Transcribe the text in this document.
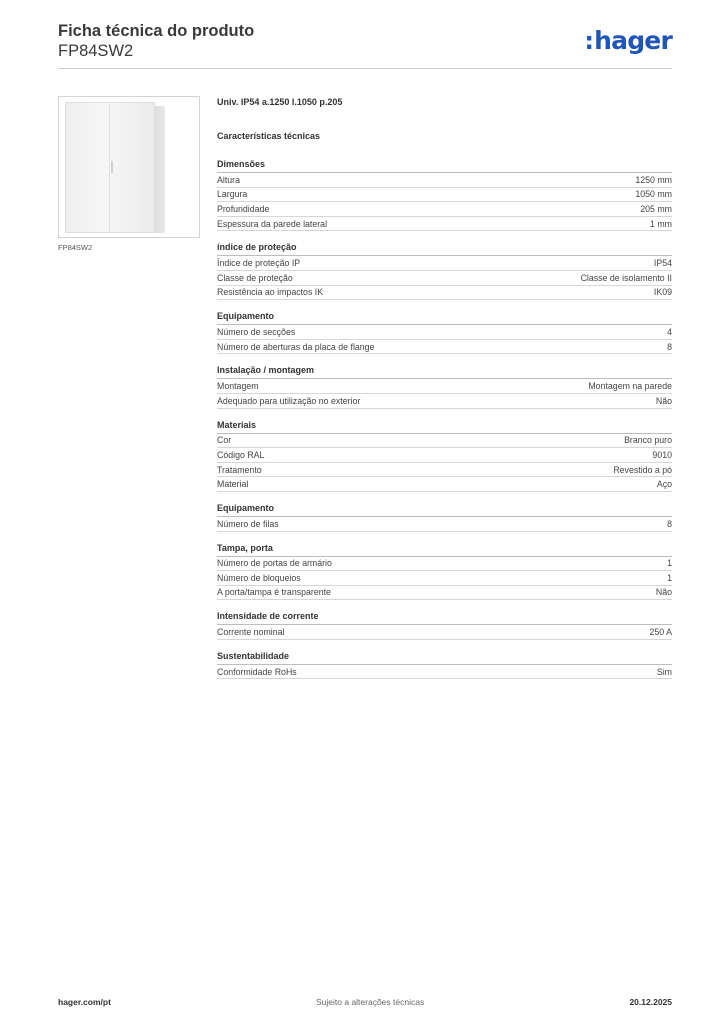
Ficha técnica do produto
FP84SW2	:hager
FP84SW2
Univ. IP54 a.1250 l.1050 p.205
Características técnicas
Dimensões
Altura	1250 mm
Largura	1050 mm
Profundidade	205 mm
Espessura da parede lateral	1 mm
índice de proteção
Índice de proteção IP	IP54
Classe de proteção	Classe de isolamento II
Resistência ao impactos IK	IK09
Equipamento
Número de secções	4
Número de aberturas da placa de flange	8
Instalação / montagem
Montagem	Montagem na parede
Adequado para utilização no exterior	Não
Materiais
Cor	Branco puro
Código RAL	9010
Tratamento	Revestido a pó
Material	Aço
Equipamento
Número de filas	8
Tampa, porta
Número de portas de armário	1
Número de bloqueios	1
A porta/tampa é transparente	Não
Intensidade de corrente
Corrente nominal	250 A
Sustentabilidade
Conformidade RoHs	Sim
hager.com/pt	Sujeito a alterações técnicas	20.12.2025
